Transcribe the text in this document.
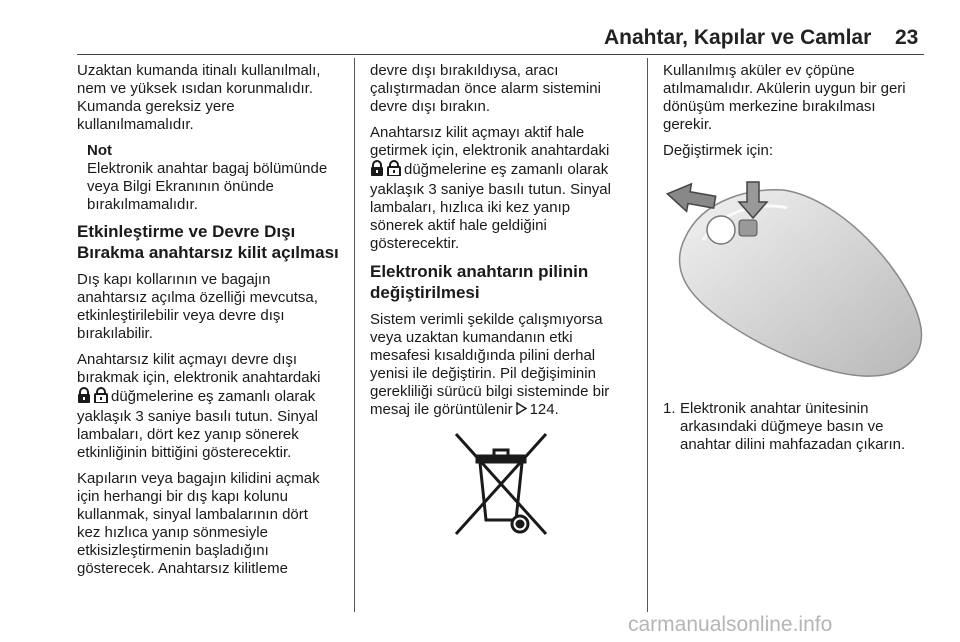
Anahtar, Kapılar ve Camlar 23

Uzaktan kumanda itinalı kullanılmalı,
nem ve yüksek ısıdan korunmalıdır.
Kumanda gereksiz yere
kullanılmamalıdır.

Not
Elektronik anahtar bagaj bölümünde
veya Bilgi Ekranının önünde
bırakılmamalıdır.
Etkinleştirme ve Devre Dışı
Bırakma anahtarsız kilit açılması

Dış kapı kollarının ve bagajın
anahtarsız açılma özelliği mevcutsa,
etkinleştirilebilir veya devre dışı
bırakılabilir.

Anahtarsız kilit açmayı devre dışı
bırakmak için, elektronik anahtardaki
düğmelerine eş zamanlı olarak
yaklaşık 3 saniye basılı tutun. Sinyal
lambaları, dört kez yanıp sönerek
etkinliğinin bittiğini gösterecektir.

Kapıların veya bagajın kilidini açmak
için herhangi bir dış kapı kolunu
kullanmak, sinyal lambalarının dört
kez hızlıca yanıp sönmesiyle
etkisizleştirmenin başladığını
gösterecek. Anahtarsız kilitleme

devre dışı bırakıldıysa, aracı
çalıştırmadan önce alarm sistemini
devre dışı bırakın.

Anahtarsız kilit açmayı aktif hale
getirmek için, elektronik anahtardaki
düğmelerine eş zamanlı olarak
yaklaşık 3 saniye basılı tutun. Sinyal
lambaları, hızlıca iki kez yanıp
sönerek aktif hale geldiğini
gösterecektir.

Elektronik anahtarın pilinin
değiştirilmesi

Sistem verimli şekilde çalışmıyorsa
veya uzaktan kumandanın etki
mesafesi kısaldığında pilini derhal
yenisi ile değiştirin. Pil değişiminin
gerekliliği sürücü bilgi sisteminde bir
mesaj ile görüntülenir 124.

Kullanılmış aküler ev çöpüne
atılmamalıdır. Akülerin uygun bir geri
dönüşüm merkezine bırakılması
gerekir.

Değiştirmek için:

1. Elektronik anahtar ünitesinin
arkasındaki düğmeye basın ve
anahtar dilini mahfazadan çıkarın.
carmanualsonline.info
